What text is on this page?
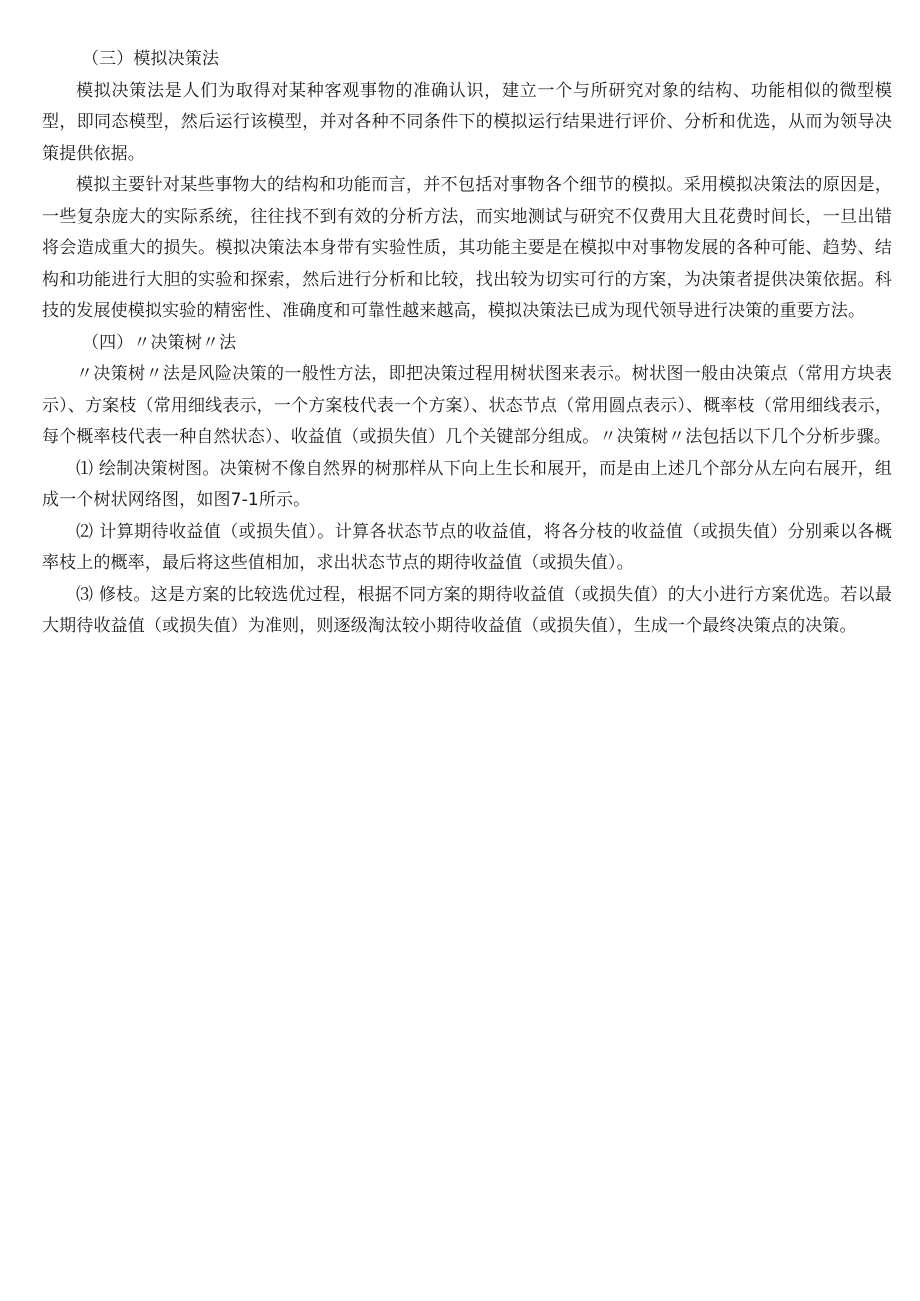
（三）模拟决策法

模拟决策法是人们为取得对某种客观事物的准确认识，建立一个与所研究对象的结构、功能相似的微型模型，即同态模型，然后运行该模型，并对各种不同条件下的模拟运行结果进行评价、分析和优选，从而为领导决策提供依据。

模拟主要针对某些事物大的结构和功能而言，并不包括对事物各个细节的模拟。采用模拟决策法的原因是，一些复杂庞大的实际系统，往往找不到有效的分析方法，而实地测试与研究不仅费用大且花费时间长，一旦出错将会造成重大的损失。模拟决策法本身带有实验性质，其功能主要是在模拟中对事物发展的各种可能、趋势、结构和功能进行大胆的实验和探索，然后进行分析和比较，找出较为切实可行的方案，为决策者提供决策依据。科技的发展使模拟实验的精密性、准确度和可靠性越来越高，模拟决策法已成为现代领导进行决策的重要方法。

（四）〃决策树〃法

〃决策树〃法是风险决策的一般性方法，即把决策过程用树状图来表示。树状图一般由决策点（常用方块表示）、方案枝（常用细线表示，一个方案枝代表一个方案）、状态节点（常用圆点表示）、概率枝（常用细线表示，每个概率枝代表一种自然状态）、收益值（或损失值）几个关键部分组成。〃决策树〃法包括以下几个分析步骤。

⑴ 绘制决策树图。决策树不像自然界的树那样从下向上生长和展开，而是由上述几个部分从左向右展开，组成一个树状网络图，如图7-1所示。

⑵ 计算期待收益值（或损失值）。计算各状态节点的收益值，将各分枝的收益值（或损失值）分别乘以各概率枝上的概率，最后将这些值相加，求出状态节点的期待收益值（或损失值）。

⑶ 修枝。这是方案的比较选优过程，根据不同方案的期待收益值（或损失值）的大小进行方案优选。若以最大期待收益值（或损失值）为准则，则逐级淘汰较小期待收益值（或损失值），生成一个最终决策点的决策。
